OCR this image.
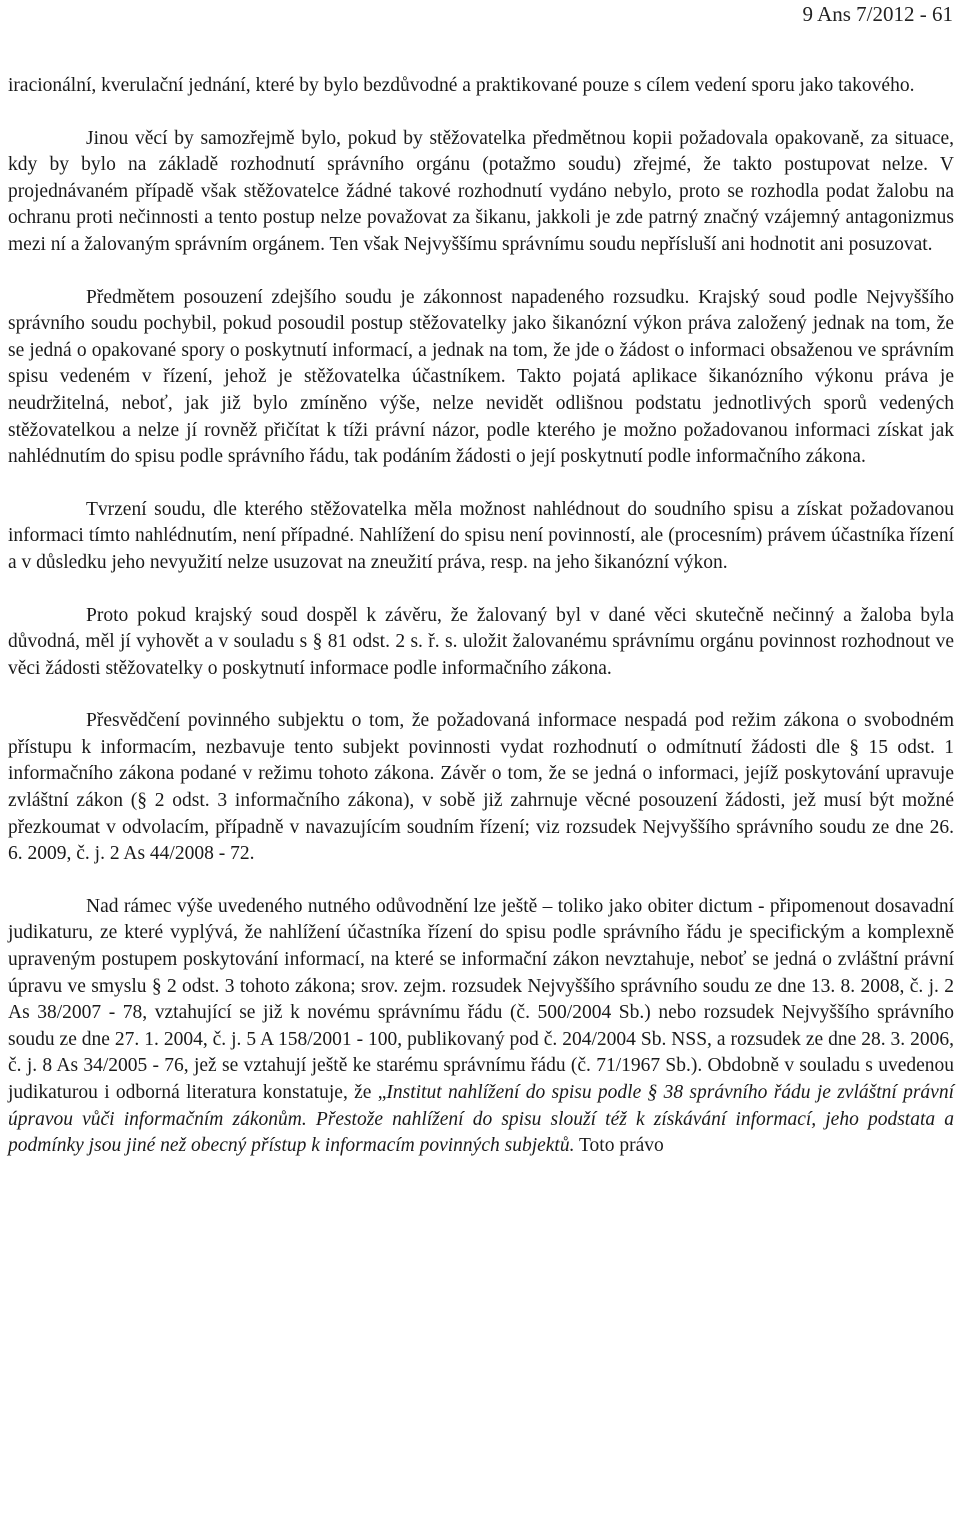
9 Ans 7/2012 - 61

iracionální, kverulační jednání, které by bylo bezdůvodné a praktikované pouze s cílem vedení sporu jako takového.

Jinou věcí by samozřejmě bylo, pokud by stěžovatelka předmětnou kopii požadovala opakovaně, za situace, kdy by bylo na základě rozhodnutí správního orgánu (potažmo soudu) zřejmé, že takto postupovat nelze. V projednávaném případě však stěžovatelce žádné takové rozhodnutí vydáno nebylo, proto se rozhodla podat žalobu na ochranu proti nečinnosti a tento postup nelze považovat za šikanu, jakkoli je zde patrný značný vzájemný antagonizmus mezi ní a žalovaným správním orgánem. Ten však Nejvyššímu správnímu soudu nepřísluší ani hodnotit ani posuzovat.

Předmětem posouzení zdejšího soudu je zákonnost napadeného rozsudku. Krajský soud podle Nejvyššího správního soudu pochybil, pokud posoudil postup stěžovatelky jako šikanózní výkon práva založený jednak na tom, že se jedná o opakované spory o poskytnutí informací, a jednak na tom, že jde o žádost o informaci obsaženou ve správním spisu vedeném v řízení, jehož je stěžovatelka účastníkem. Takto pojatá aplikace šikanózního výkonu práva je neudržitelná, neboť, jak již bylo zmíněno výše, nelze nevidět odlišnou podstatu jednotlivých sporů vedených stěžovatelkou a nelze jí rovněž přičítat k tíži právní názor, podle kterého je možno požadovanou informaci získat jak nahlédnutím do spisu podle správního řádu, tak podáním žádosti o její poskytnutí podle informačního zákona.

Tvrzení soudu, dle kterého stěžovatelka měla možnost nahlédnout do soudního spisu a získat požadovanou informaci tímto nahlédnutím, není případné. Nahlížení do spisu není povinností, ale (procesním) právem účastníka řízení a v důsledku jeho nevyužití nelze usuzovat na zneužití práva, resp. na jeho šikanózní výkon.

Proto pokud krajský soud dospěl k závěru, že žalovaný byl v dané věci skutečně nečinný a žaloba byla důvodná, měl jí vyhovět a v souladu s § 81 odst. 2 s. ř. s. uložit žalovanému správnímu orgánu povinnost rozhodnout ve věci žádosti stěžovatelky o poskytnutí informace podle informačního zákona.

Přesvědčení povinného subjektu o tom, že požadovaná informace nespadá pod režim zákona o svobodném přístupu k informacím, nezbavuje tento subjekt povinnosti vydat rozhodnutí o odmítnutí žádosti dle § 15 odst. 1 informačního zákona podané v režimu tohoto zákona. Závěr o tom, že se jedná o informaci, jejíž poskytování upravuje zvláštní zákon (§ 2 odst. 3 informačního zákona), v sobě již zahrnuje věcné posouzení žádosti, jež musí být možné přezkoumat v odvolacím, případně v navazujícím soudním řízení; viz rozsudek Nejvyššího správního soudu ze dne 26. 6. 2009, č. j. 2 As 44/2008 - 72.

Nad rámec výše uvedeného nutného odůvodnění lze ještě – toliko jako obiter dictum - připomenout dosavadní judikaturu, ze které vyplývá, že nahlížení účastníka řízení do spisu podle správního řádu je specifickým a komplexně upraveným postupem poskytování informací, na které se informační zákon nevztahuje, neboť se jedná o zvláštní právní úpravu ve smyslu § 2 odst. 3 tohoto zákona; srov. zejm. rozsudek Nejvyššího správního soudu ze dne 13. 8. 2008, č. j. 2 As 38/2007 - 78, vztahující se již k novému správnímu řádu (č. 500/2004 Sb.) nebo rozsudek Nejvyššího správního soudu ze dne 27. 1. 2004, č. j. 5 A 158/2001 - 100, publikovaný pod č. 204/2004 Sb. NSS, a rozsudek ze dne 28. 3. 2006, č. j. 8 As 34/2005 - 76, jež se vztahují ještě ke starému správnímu řádu (č. 71/1967 Sb.). Obdobně v souladu s uvedenou judikaturou i odborná literatura konstatuje, že „Institut nahlížení do spisu podle § 38 správního řádu je zvláštní právní úpravou vůči informačním zákonům. Přestože nahlížení do spisu slouží též k získávání informací, jeho podstata a podmínky jsou jiné než obecný přístup k informacím povinných subjektů. Toto právo
